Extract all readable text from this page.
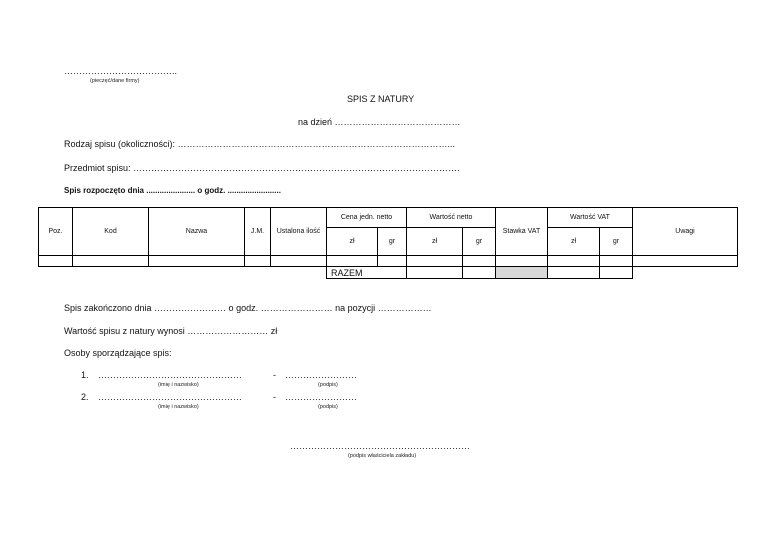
………………………………..
(pieczęć/dane firmy)
SPIS Z NATURY
na dzień ……………………………………
Rodzaj spisu (okoliczności): ………………………………………………………………………………...
Przedmiot spisu: ……………………………………………………………………………………………….
Spis rozpoczęto dnia ...................... o godz. ........................
Poz.	Kod	Nazwa	J.M.	Ustalona ilość	Cena jedn. netto		Wartość netto		Stawka VAT	Wartość VAT		Uwagi
					zł	gr	zł	gr		zł	gr	

					RAZEM							
Spis zakończono dnia …………………… o godz. …………………… na pozycji ………………
Wartość spisu z natury wynosi ……………………… zł
Osoby sporządzające spis:
1. …………………………………………	- ……………………
(imię i nazwisko)	(podpis)
2. …………………………………………	- ……………………
(imię i nazwisko)	(podpis)
……………………………………………………
(podpis właściciela zakładu)
